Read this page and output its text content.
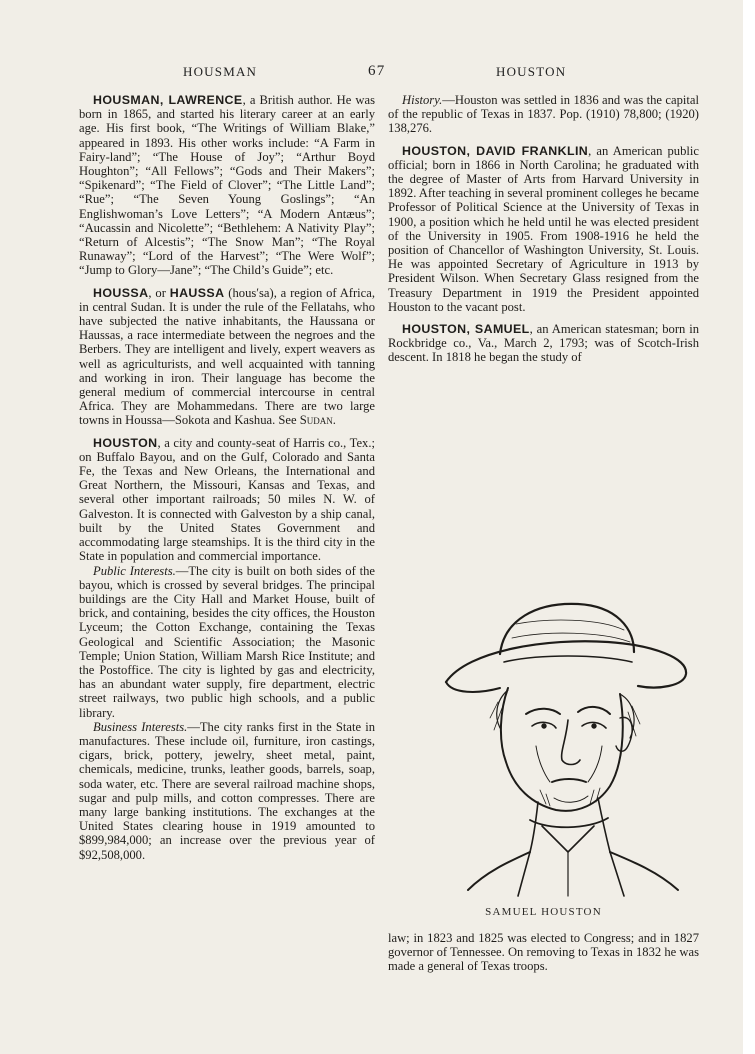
HOUSMAN	67	HOUSTON

HOUSMAN, LAWRENCE, a British author. He was born in 1865, and started his literary career at an early age. His first book, “The Writings of William Blake,” appeared in 1893. His other works include: “A Farm in Fairy-land”; “The House of Joy”; “Arthur Boyd Houghton”; “All Fellows”; “Gods and Their Makers”; “Spikenard”; “The Field of Clover”; “The Little Land”; “Rue”; “The Seven Young Goslings”; “An Englishwoman’s Love Letters”; “A Modern Antæus”; “Aucassin and Nicolette”; “Bethlehem: A Nativity Play”; “Return of Alcestis”; “The Snow Man”; “The Royal Runaway”; “Lord of the Harvest”; “The Were Wolf”; “Jump to Glory—Jane”; “The Child’s Guide”; etc.

HOUSSA, or HAUSSA (hous′sa), a region of Africa, in central Sudan. It is under the rule of the Fellatahs, who have subjected the native inhabitants, the Haussana or Haussas, a race intermediate between the negroes and the Berbers. They are intelligent and lively, expert weavers as well as agriculturists, and well acquainted with tanning and working in iron. Their language has become the general medium of commercial intercourse in central Africa. They are Mohammedans. There are two large towns in Houssa—Sokota and Kashua. See Sudan.

HOUSTON, a city and county-seat of Harris co., Tex.; on Buffalo Bayou, and on the Gulf, Colorado and Santa Fe, the Texas and New Orleans, the International and Great Northern, the Missouri, Kansas and Texas, and several other important railroads; 50 miles N. W. of Galveston. It is connected with Galveston by a ship canal, built by the United States Government and accommodating large steamships. It is the third city in the State in population and commercial importance.

Public Interests.—The city is built on both sides of the bayou, which is crossed by several bridges. The principal buildings are the City Hall and Market House, built of brick, and containing, besides the city offices, the Houston Lyceum; the Cotton Exchange, containing the Texas Geological and Scientific Association; the Masonic Temple; Union Station, William Marsh Rice Institute; and the Postoffice. The city is lighted by gas and electricity, has an abundant water supply, fire department, electric street railways, two public high schools, and a public library.

Business Interests.—The city ranks first in the State in manufactures. These include oil, furniture, iron castings, cigars, brick, pottery, jewelry, sheet metal, paint, chemicals, medicine, trunks, leather goods, barrels, soap, soda water, etc. There are several railroad machine shops, sugar and pulp mills, and cotton compresses. There are many large banking institutions. The exchanges at the United States clearing house in 1919 amounted to $899,984,000; an increase over the previous year of $92,508,000.

History.—Houston was settled in 1836 and was the capital of the republic of Texas in 1837. Pop. (1910) 78,800; (1920) 138,276.

HOUSTON, DAVID FRANKLIN, an American public official; born in 1866 in North Carolina; he graduated with the degree of Master of Arts from Harvard University in 1892. After teaching in several prominent colleges he became Professor of Political Science at the University of Texas in 1900, a position which he held until he was elected president of the University in 1905. From 1908-1916 he held the position of Chancellor of Washington University, St. Louis. He was appointed Secretary of Agriculture in 1913 by President Wilson. When Secretary Glass resigned from the Treasury Department in 1919 the President appointed Houston to the vacant post.

HOUSTON, SAMUEL, an American statesman; born in Rockbridge co., Va., March 2, 1793; was of Scotch-Irish descent. In 1818 he began the study of

SAMUEL HOUSTON

law; in 1823 and 1825 was elected to Congress; and in 1827 governor of Tennessee. On removing to Texas in 1832 he was made a general of Texas troops.
